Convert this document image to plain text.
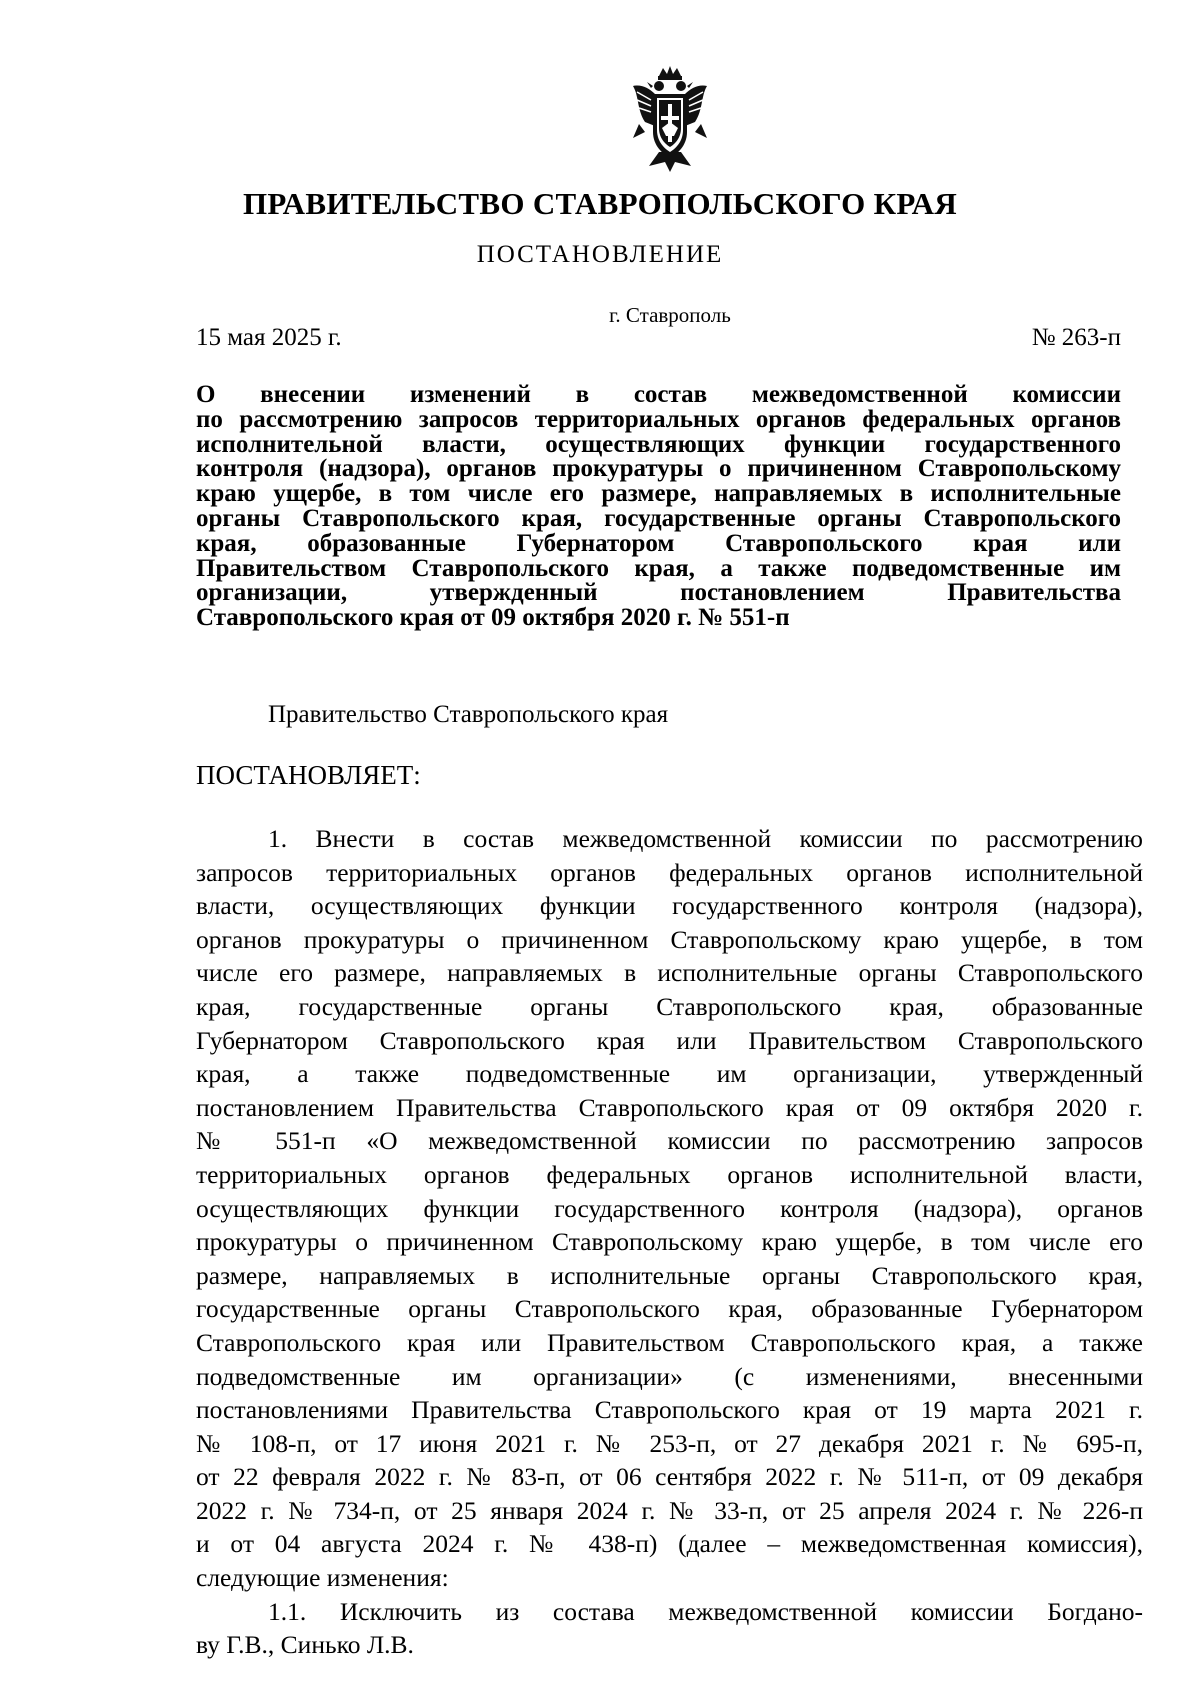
ПРАВИТЕЛЬСТВО СТАВРОПОЛЬСКОГО КРАЯ
ПОСТАНОВЛЕНИЕ
г. Ставрополь
15 мая 2025 г.	№ 263-п
О внесении изменений в состав межведомственной комиссии
по рассмотрению запросов территориальных органов федеральных органов
исполнительной власти, осуществляющих функции государственного
контроля (надзора), органов прокуратуры о причиненном Ставропольскому
краю ущербе, в том числе его размере, направляемых в исполнительные
органы Ставропольского края, государственные органы Ставропольского
края, образованные Губернатором Ставропольского края или
Правительством Ставропольского края, а также подведомственные им
организации, утвержденный постановлением Правительства
Ставропольского края от 09 октября 2020 г. № 551-п
Правительство Ставропольского края
ПОСТАНОВЛЯЕТ:
1. Внести в состав межведомственной комиссии по рассмотрению
запросов территориальных органов федеральных органов исполнительной
власти, осуществляющих функции государственного контроля (надзора),
органов прокуратуры о причиненном Ставропольскому краю ущербе, в том
числе его размере, направляемых в исполнительные органы Ставропольского
края, государственные органы Ставропольского края, образованные
Губернатором Ставропольского края или Правительством Ставропольского
края, а также подведомственные им организации, утвержденный
постановлением Правительства Ставропольского края от 09 октября 2020 г.
№ 551-п «О межведомственной комиссии по рассмотрению запросов
территориальных органов федеральных органов исполнительной власти,
осуществляющих функции государственного контроля (надзора), органов
прокуратуры о причиненном Ставропольскому краю ущербе, в том числе его
размере, направляемых в исполнительные органы Ставропольского края,
государственные органы Ставропольского края, образованные Губернатором
Ставропольского края или Правительством Ставропольского края, а также
подведомственные им организации» (с изменениями, внесенными
постановлениями Правительства Ставропольского края от 19 марта 2021 г.
№ 108-п, от 17 июня 2021 г. № 253-п, от 27 декабря 2021 г. № 695-п,
от 22 февраля 2022 г. № 83-п, от 06 сентября 2022 г. № 511-п, от 09 декабря
2022 г. № 734-п, от 25 января 2024 г. № 33-п, от 25 апреля 2024 г. № 226-п
и от 04 августа 2024 г. № 438-п) (далее – межведомственная комиссия),
следующие изменения:
1.1. Исключить из состава межведомственной комиссии Богдано-
ву Г.В., Синько Л.В.
